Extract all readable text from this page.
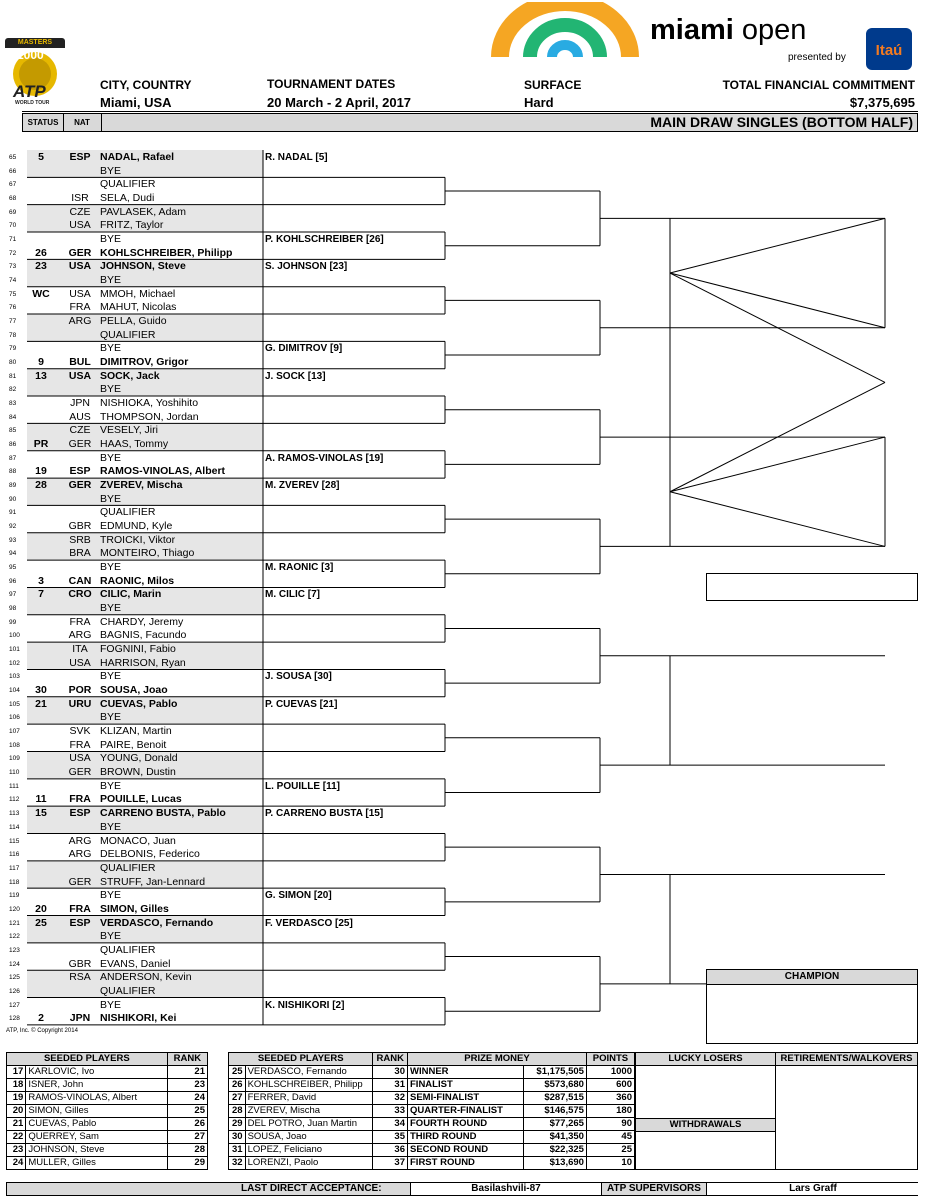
MASTERS
1000
ATP
WORLD TOUR
miami open
presented by	Itaú
CITY, COUNTRY
Miami, USA
TOURNAMENT DATES
20 March - 2 April, 2017
SURFACE
Hard
TOTAL FINANCIAL COMMITMENT
$7,375,695
STATUS	NAT	MAIN DRAW SINGLES (BOTTOM HALF)
65	5	ESP NADAL, Rafael
66	BYE
67	QUALIFIER
68	ISR	SELA, Dudi
69	CZE PAVLASEK, Adam
70	USA FRITZ, Taylor
71	BYE
72	26	GER KOHLSCHREIBER, Philipp
73	23	USA JOHNSON, Steve
74	BYE
75	WC	USA MMOH, Michael
76	FRA MAHUT, Nicolas
77	ARG PELLA, Guido
78	QUALIFIER
79	BYE
80	9	BUL DIMITROV, Grigor
81	13	USA SOCK, Jack
82	BYE
83	JPN NISHIOKA, Yoshihito
84	AUS THOMPSON, Jordan
85	CZE VESELY, Jiri
86	PR	GER HAAS, Tommy
87	BYE
88	19	ESP RAMOS-VINOLAS, Albert
89	28	GER ZVEREV, Mischa
90	BYE
91	QUALIFIER
92	GBR EDMUND, Kyle
93	SRB TROICKI, Viktor
94	BRA MONTEIRO, Thiago
95	BYE
96	3	CAN RAONIC, Milos
97	7	CRO CILIC, Marin
98	BYE
99	FRA CHARDY, Jeremy
100	ARG BAGNIS, Facundo
101	ITA	FOGNINI, Fabio
102	USA HARRISON, Ryan
103	BYE
104	30	POR SOUSA, Joao
105	21	URU CUEVAS, Pablo
106	BYE
107	SVK KLIZAN, Martin
108	FRA PAIRE, Benoit
109	USA YOUNG, Donald
110	GER BROWN, Dustin
111	BYE
112	11	FRA POUILLE, Lucas
113	15	ESP CARRENO BUSTA, Pablo
114	BYE
115	ARG MONACO, Juan
116	ARG DELBONIS, Federico
117	QUALIFIER
118	GER STRUFF, Jan-Lennard
119	BYE
120	20	FRA SIMON, Gilles
121	25	ESP VERDASCO, Fernando
122	BYE
123	QUALIFIER
124	GBR EVANS, Daniel
125	RSA ANDERSON, Kevin
126	QUALIFIER
127	BYE
128	2	JPN NISHIKORI, Kei
R. NADAL [5]
P. KOHLSCHREIBER [26]
S. JOHNSON [23]
G. DIMITROV [9]
J. SOCK [13]
A. RAMOS-VINOLAS [19]
M. ZVEREV [28]
M. RAONIC [3]
M. CILIC [7]
J. SOUSA [30]
P. CUEVAS [21]
L. POUILLE [11]
P. CARRENO BUSTA [15]
G. SIMON [20]
F. VERDASCO [25]
K. NISHIKORI [2]
ATP, Inc. © Copyright 2014
CHAMPION
SEEDED PLAYERS		RANK
17	KARLOVIC, Ivo	21
18	ISNER, John	23
19	RAMOS-VINOLAS, Albert	24
20	SIMON, Gilles	25
21	CUEVAS, Pablo	26
22	QUERREY, Sam	27
23	JOHNSON, Steve	28
24	MULLER, Gilles	29
SEEDED PLAYERS		RANK
25	VERDASCO, Fernando	30
26	KOHLSCHREIBER, Philipp	31
27	FERRER, David	32
28	ZVEREV, Mischa	33
29	DEL POTRO, Juan Martin	34
30	SOUSA, Joao	35
31	LOPEZ, Feliciano	36
32	LORENZI, Paolo	37
PRIZE MONEY		POINTS
WINNER	$1,175,505	1000
FINALIST	$573,680	600
SEMI-FINALIST	$287,515	360
QUARTER-FINALIST	$146,575	180
FOURTH ROUND	$77,265	90
THIRD ROUND	$41,350	45
SECOND ROUND	$22,325	25
FIRST ROUND	$13,690	10
LUCKY LOSERS
WITHDRAWALS
RETIREMENTS/WALKOVERS
LAST DIRECT ACCEPTANCE:	Basilashvili-87	ATP SUPERVISORS	Lars Graff
